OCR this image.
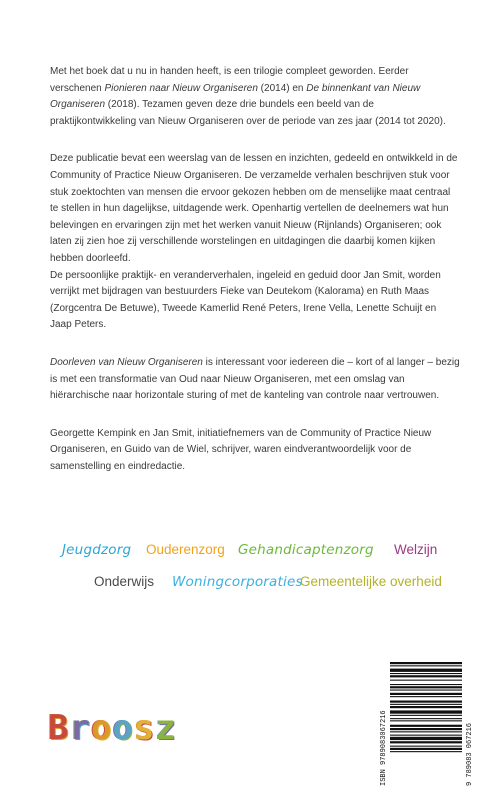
Met het boek dat u nu in handen heeft, is een trilogie compleet geworden. Eerder verschenen Pionieren naar Nieuw Organiseren (2014) en De binnenkant van Nieuw Organiseren (2018). Tezamen geven deze drie bundels een beeld van de praktijkontwikkeling van Nieuw Organiseren over de periode van zes jaar (2014 tot 2020).

Deze publicatie bevat een weerslag van de lessen en inzichten, gedeeld en ontwikkeld in de Community of Practice Nieuw Organiseren. De verzamelde verhalen beschrijven stuk voor stuk zoektochten van mensen die ervoor gekozen hebben om de menselijke maat centraal te stellen in hun dagelijkse, uitdagende werk. Openhartig vertellen de deelnemers wat hun belevingen en ervaringen zijn met het werken vanuit Nieuw (Rijnlands) Organiseren; ook laten zij zien hoe zij verschillende worstelingen en uitdagingen die daarbij komen kijken hebben doorleefd.

De persoonlijke praktijk- en veranderverhalen, ingeleid en geduid door Jan Smit, worden verrijkt met bijdragen van bestuurders Fieke van Deutekom (Kalorama) en Ruth Maas (Zorgcentra De Betuwe), Tweede Kamerlid René Peters, Irene Vella, Lenette Schuijt en Jaap Peters.

Doorleven van Nieuw Organiseren is interessant voor iedereen die – kort of al langer – bezig is met een transformatie van Oud naar Nieuw Organiseren, met een omslag van hiërarchische naar horizontale sturing of met de kanteling van controle naar vertrouwen.

Georgette Kempink en Jan Smit, initiatiefnemers van de Community of Practice Nieuw Organiseren, en Guido van de Wiel, schrijver, waren eindverantwoordelijk voor de samenstelling en eindredactie.

Jeugdzorg Ouderenzorg Gehandicaptenzorg Welzijn
Onderwijs Woningcorporaties
Gemeentelijke overheid
Broosz	ISBN 9789083067216	9 789083 067216
